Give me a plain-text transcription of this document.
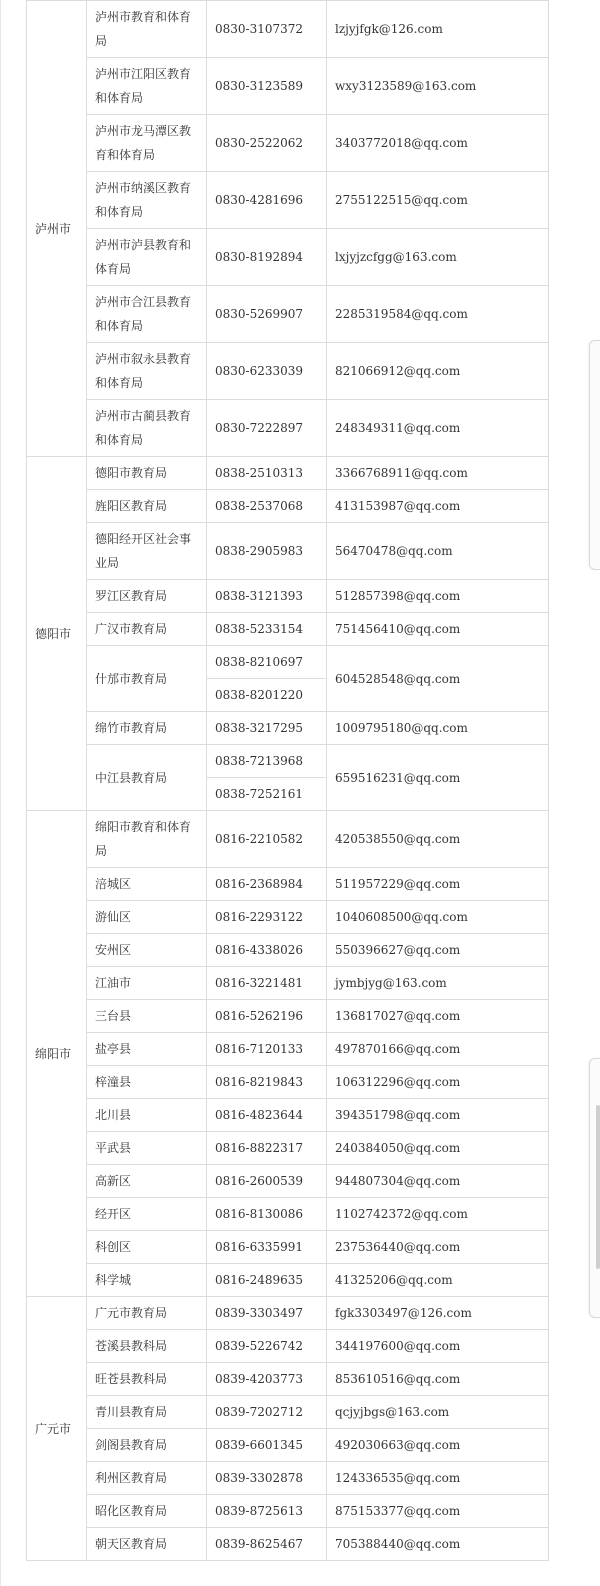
泸州市	泸州市教育和体育局	0830-3107372	lzjyjfgk@126.com
	泸州市江阳区教育和体育局	0830-3123589	wxy3123589@163.com
	泸州市龙马潭区教育和体育局	0830-2522062	3403772018@qq.com
	泸州市纳溪区教育和体育局	0830-4281696	2755122515@qq.com
	泸州市泸县教育和体育局	0830-8192894	lxjyjzcfgg@163.com
	泸州市合江县教育和体育局	0830-5269907	2285319584@qq.com
	泸州市叙永县教育和体育局	0830-6233039	821066912@qq.com
	泸州市古蔺县教育和体育局	0830-7222897	248349311@qq.com
德阳市	德阳市教育局	0838-2510313	3366768911@qq.com
	旌阳区教育局	0838-2537068	413153987@qq.com
	德阳经开区社会事业局	0838-2905983	56470478@qq.com
	罗江区教育局	0838-3121393	512857398@qq.com
	广汉市教育局	0838-5233154	751456410@qq.com
	什邡市教育局	0838-8210697	604528548@qq.com
		0838-8201220	
	绵竹市教育局	0838-3217295	1009795180@qq.com
	中江县教育局	0838-7213968	659516231@qq.com
		0838-7252161	
绵阳市	绵阳市教育和体育局	0816-2210582	420538550@qq.com
	涪城区	0816-2368984	511957229@qq.com
	游仙区	0816-2293122	1040608500@qq.com
	安州区	0816-4338026	550396627@qq.com
	江油市	0816-3221481	jymbjyg@163.com
	三台县	0816-5262196	136817027@qq.com
	盐亭县	0816-7120133	497870166@qq.com
	梓潼县	0816-8219843	106312296@qq.com
	北川县	0816-4823644	394351798@qq.com
	平武县	0816-8822317	240384050@qq.com
	高新区	0816-2600539	944807304@qq.com
	经开区	0816-8130086	1102742372@qq.com
	科创区	0816-6335991	237536440@qq.com
	科学城	0816-2489635	41325206@qq.com
广元市	广元市教育局	0839-3303497	fgk3303497@126.com
	苍溪县教科局	0839-5226742	344197600@qq.com
	旺苍县教科局	0839-4203773	853610516@qq.com
	青川县教育局	0839-7202712	qcjyjbgs@163.com
	剑阁县教育局	0839-6601345	492030663@qq.com
	利州区教育局	0839-3302878	124336535@qq.com
	昭化区教育局	0839-8725613	875153377@qq.com
	朝天区教育局	0839-8625467	705388440@qq.com
